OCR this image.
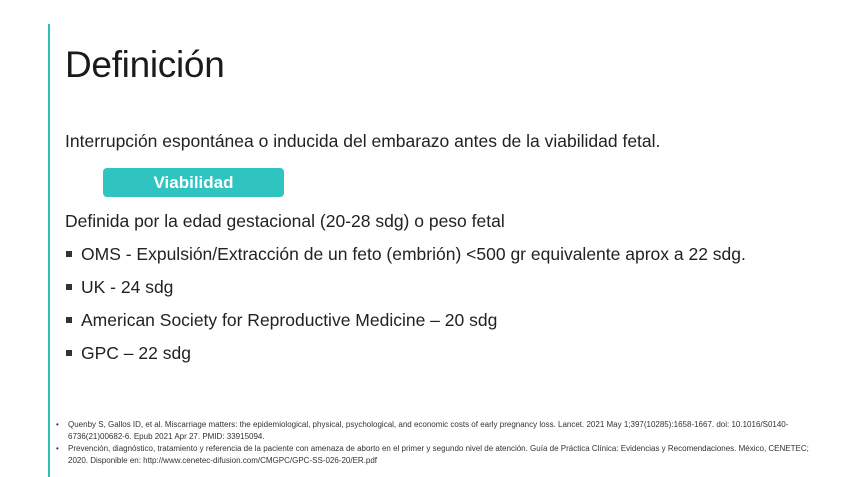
Definición
Interrupción espontánea o inducida del embarazo antes de la viabilidad fetal.
Viabilidad
Definida por la edad gestacional (20-28 sdg) o peso fetal
OMS - Expulsión/Extracción de un feto (embrión) <500 gr equivalente aprox a 22 sdg.
UK - 24 sdg
American Society for Reproductive Medicine – 20 sdg
GPC – 22 sdg
• Quenby S, Gallos ID, et al. Miscarriage matters: the epidemiological, physical, psychological, and economic costs of early pregnancy loss. Lancet. 2021 May 1;397(10285):1658-1667. doi: 10.1016/S0140-6736(21)00682-6. Epub 2021 Apr 27. PMID: 33915094.
• Prevención, diagnóstico, tratamiento y referencia de la paciente con amenaza de aborto en el primer y segundo nivel de atención. Guía de Práctica Clínica: Evidencias y Recomendaciones. México, CENETEC; 2020. Disponible en: http://www.cenetec-difusion.com/CMGPC/GPC-SS-026-20/ER.pdf
